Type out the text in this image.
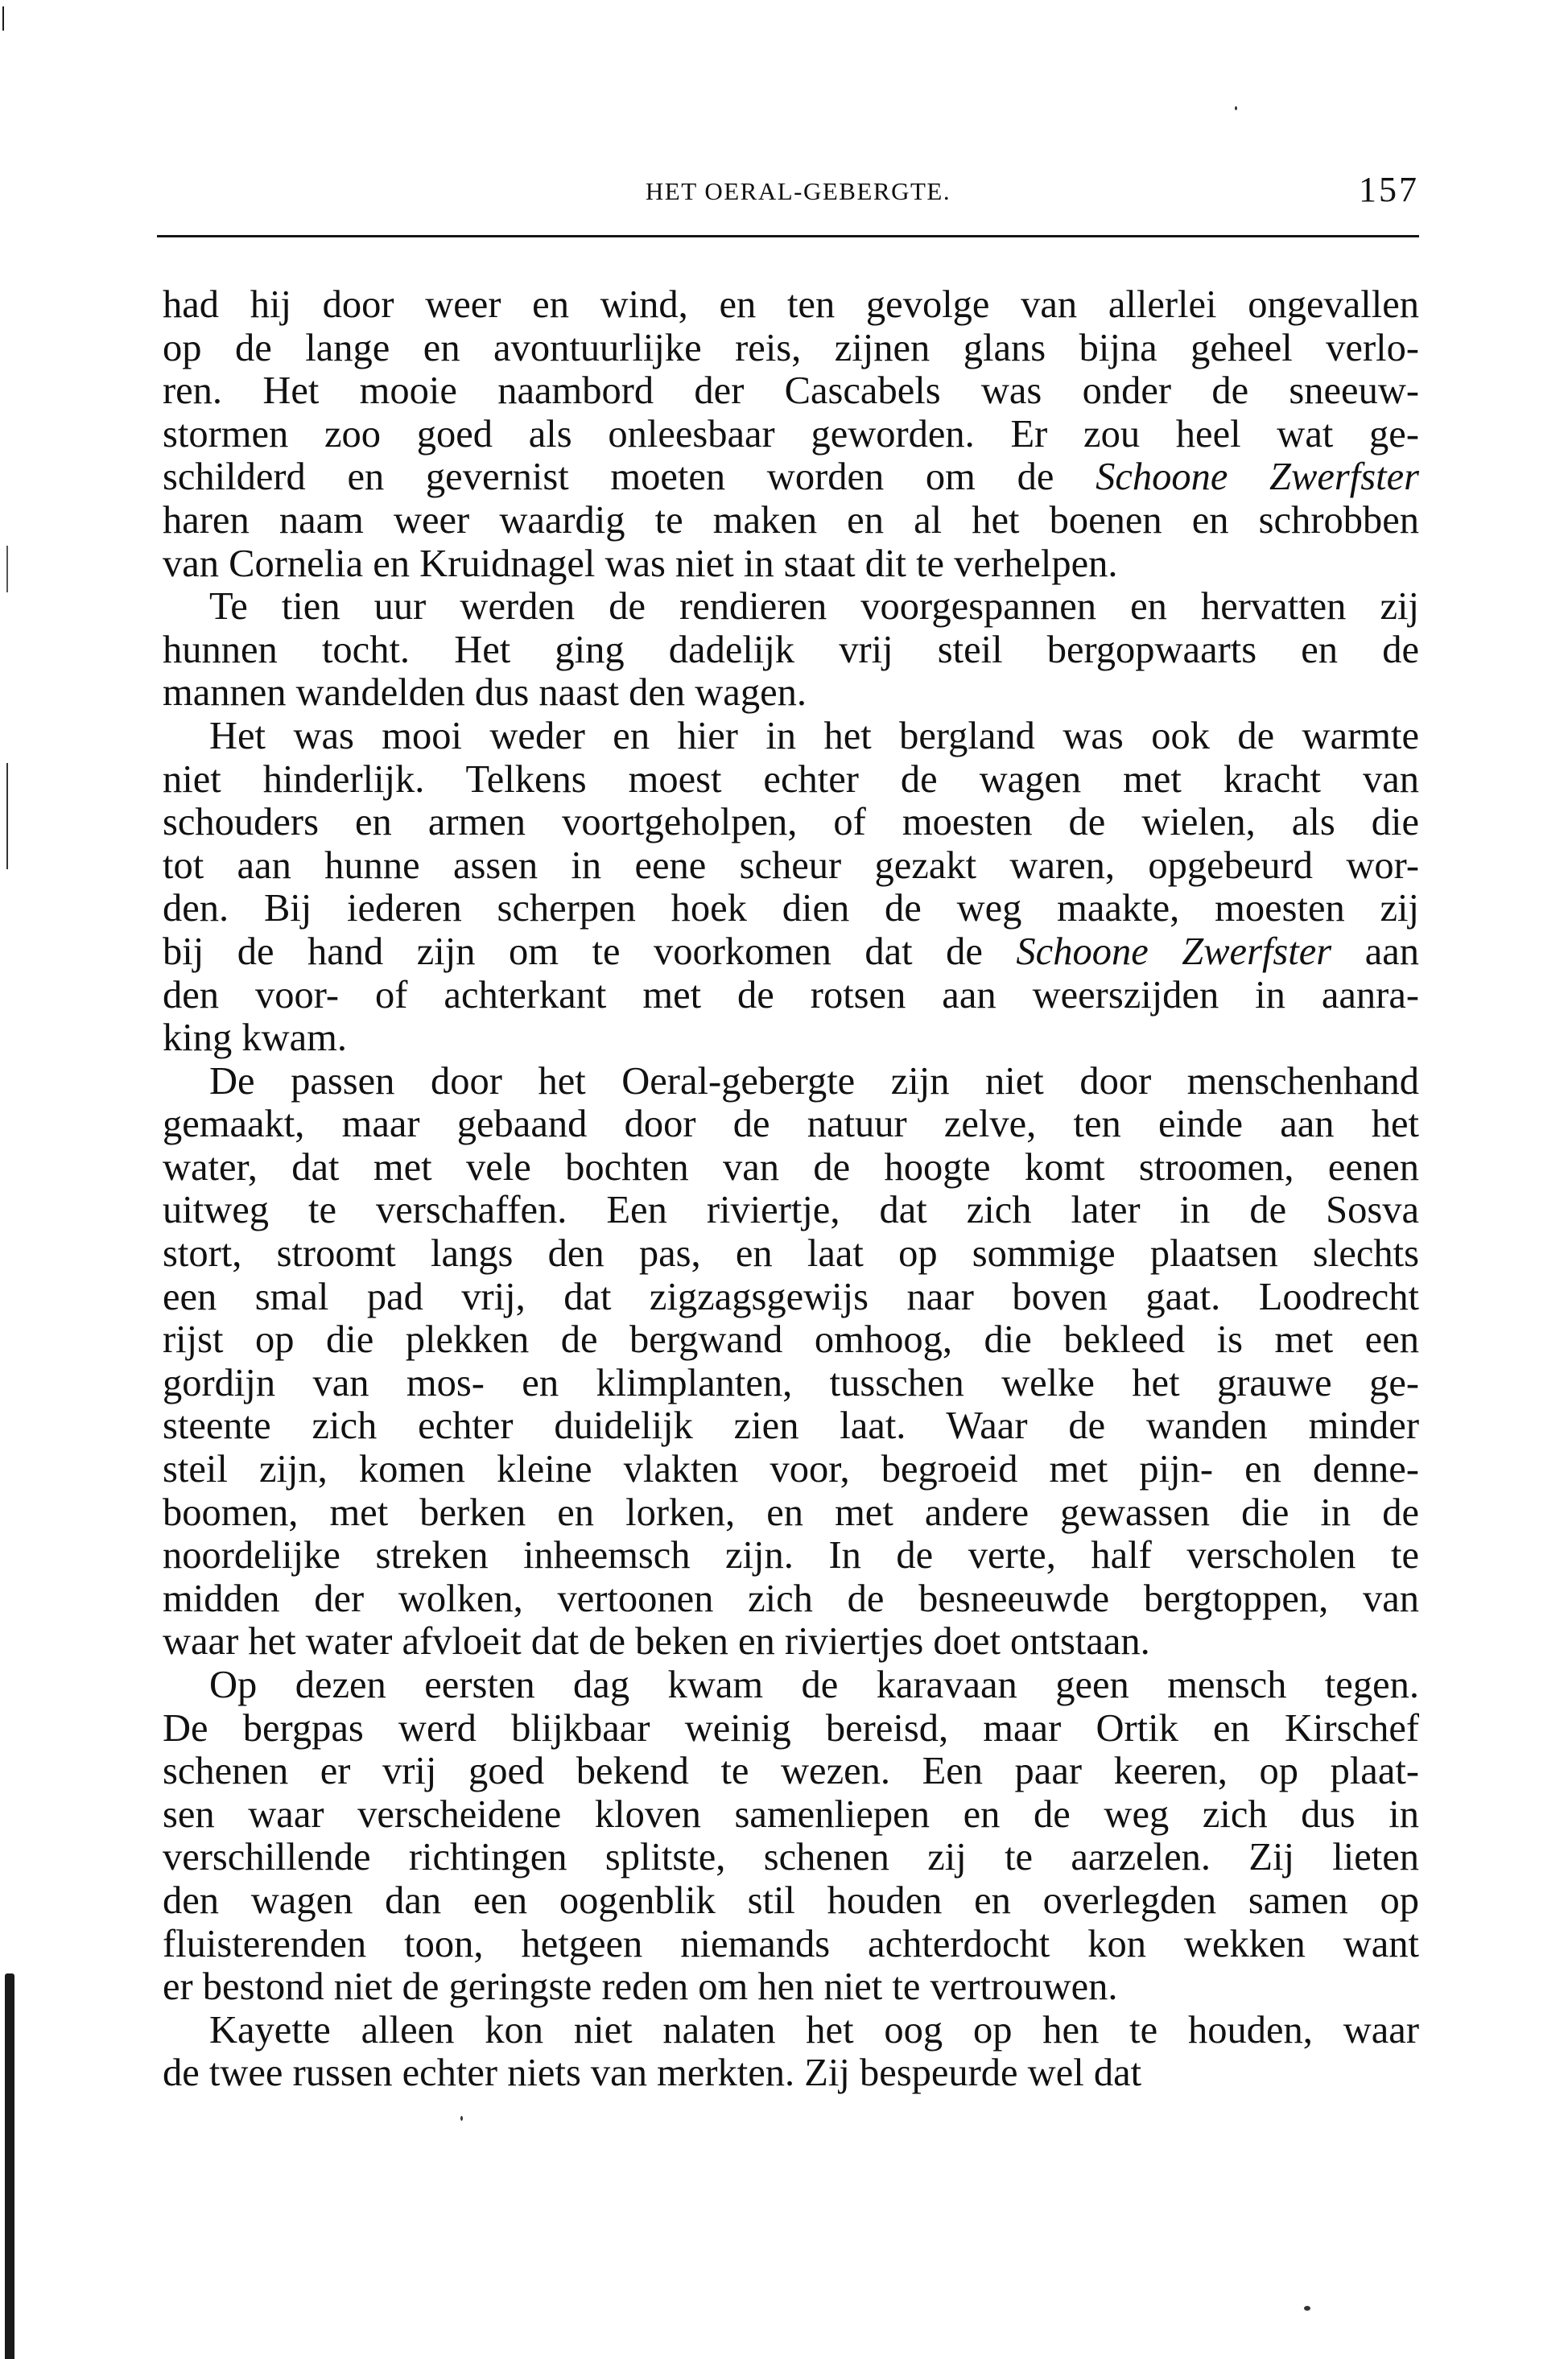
HET OERAL-GEBERGTE.	157

had hij door weer en wind, en ten gevolge van allerlei ongevallen
op de lange en avontuurlijke reis, zijnen glans bijna geheel verlo-
ren. Het mooie naambord der Cascabels was onder de sneeuw-
stormen zoo goed als onleesbaar geworden. Er zou heel wat ge-
schilderd en gevernist moeten worden om de Schoone Zwerfster
haren naam weer waardig te maken en al het boenen en schrobben
van Cornelia en Kruidnagel was niet in staat dit te verhelpen.

Te tien uur werden de rendieren voorgespannen en hervatten zij
hunnen tocht. Het ging dadelijk vrij steil bergopwaarts en de
mannen wandelden dus naast den wagen.

Het was mooi weder en hier in het bergland was ook de warmte
niet hinderlijk. Telkens moest echter de wagen met kracht van
schouders en armen voortgeholpen, of moesten de wielen, als die
tot aan hunne assen in eene scheur gezakt waren, opgebeurd wor-
den. Bij iederen scherpen hoek dien de weg maakte, moesten zij
bij de hand zijn om te voorkomen dat de Schoone Zwerfster aan
den voor- of achterkant met de rotsen aan weerszijden in aanra-
king kwam.

De passen door het Oeral-gebergte zijn niet door menschenhand
gemaakt, maar gebaand door de natuur zelve, ten einde aan het
water, dat met vele bochten van de hoogte komt stroomen, eenen
uitweg te verschaffen. Een riviertje, dat zich later in de Sosva
stort, stroomt langs den pas, en laat op sommige plaatsen slechts
een smal pad vrij, dat zigzagsgewijs naar boven gaat. Loodrecht
rijst op die plekken de bergwand omhoog, die bekleed is met een
gordijn van mos- en klimplanten, tusschen welke het grauwe ge-
steente zich echter duidelijk zien laat. Waar de wanden minder
steil zijn, komen kleine vlakten voor, begroeid met pijn- en denne-
boomen, met berken en lorken, en met andere gewassen die in de
noordelijke streken inheemsch zijn. In de verte, half verscholen te
midden der wolken, vertoonen zich de besneeuwde bergtoppen, van
waar het water afvloeit dat de beken en riviertjes doet ontstaan.

Op dezen eersten dag kwam de karavaan geen mensch tegen.
De bergpas werd blijkbaar weinig bereisd, maar Ortik en Kirschef
schenen er vrij goed bekend te wezen. Een paar keeren, op plaat-
sen waar verscheidene kloven samenliepen en de weg zich dus in
verschillende richtingen splitste, schenen zij te aarzelen. Zij lieten
den wagen dan een oogenblik stil houden en overlegden samen op
fluisterenden toon, hetgeen niemands achterdocht kon wekken want
er bestond niet de geringste reden om hen niet te vertrouwen.

Kayette alleen kon niet nalaten het oog op hen te houden, waar
de twee russen echter niets van merkten. Zij bespeurde wel dat
